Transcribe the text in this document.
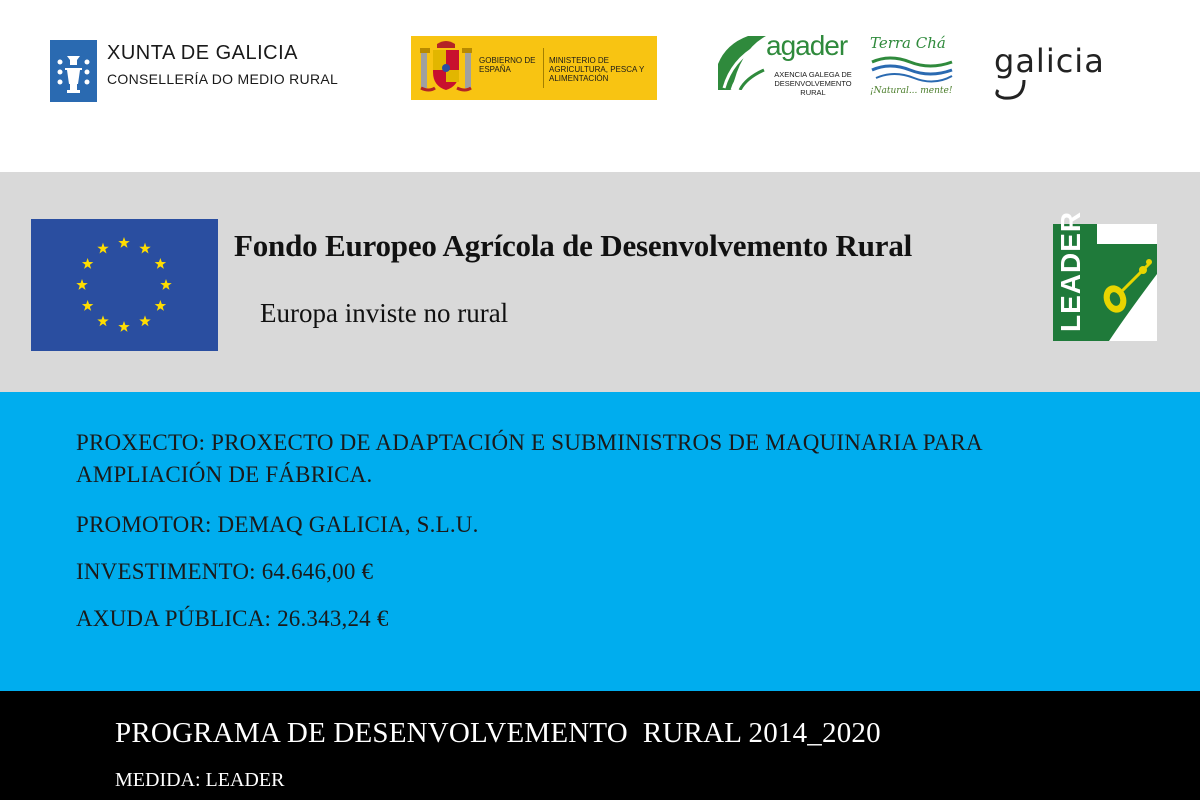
XUNTA DE GALICIA
CONSELLERÍA DO MEDIO RURAL
GOBIERNO DE ESPAÑA
MINISTERIO DE AGRICULTURA, PESCA Y ALIMENTACIÓN
agader
AXENCIA GALEGA DE DESENVOLVEMENTO RURAL
Terra Chá
¡Natural... mente!
galicia
Fondo Europeo Agrícola de Desenvolvemento Rural
Europa inviste no rural	LEADER
PROXECTO: PROXECTO DE ADAPTACIÓN E SUBMINISTROS DE MAQUINARIA PARA
AMPLIACIÓN DE FÁBRICA.
PROMOTOR: DEMAQ GALICIA, S.L.U.
INVESTIMENTO: 64.646,00 €
AXUDA PÚBLICA: 26.343,24 €
PROGRAMA DE DESENVOLVEMENTO  RURAL 2014_2020
MEDIDA: LEADER
